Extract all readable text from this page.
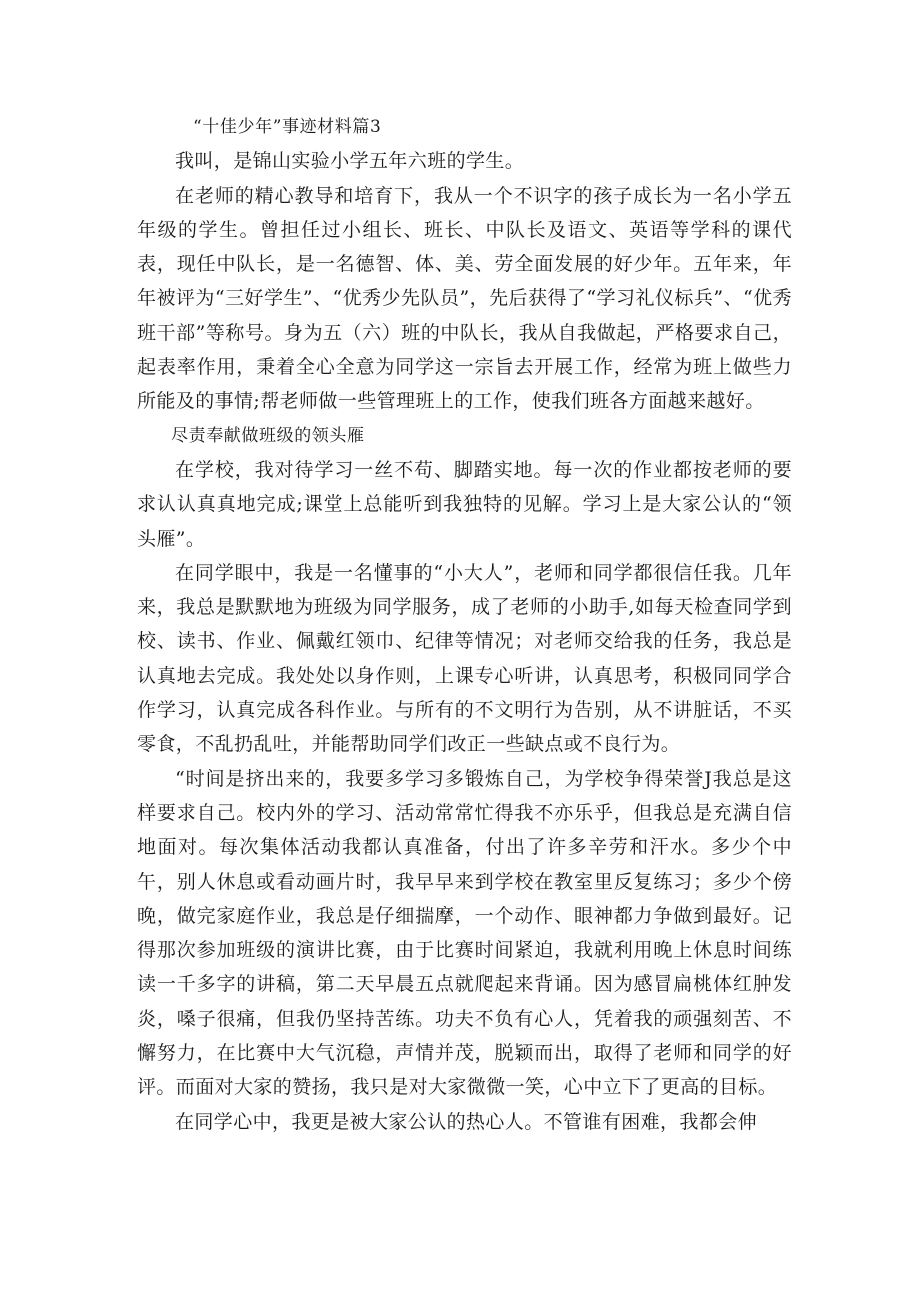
“十佳少年”事迹材料篇3

我叫，是锦山实验小学五年六班的学生。

在老师的精心教导和培育下，我从一个不识字的孩子成长为一名小学五年级的学生。曾担任过小组长、班长、中队长及语文、英语等学科的课代表，现任中队长，是一名德智、体、美、劳全面发展的好少年。五年来，年年被评为“三好学生”、“优秀少先队员”，先后获得了“学习礼仪标兵”、“优秀班干部”等称号。身为五（六）班的中队长，我从自我做起，严格要求自己，起表率作用，秉着全心全意为同学这一宗旨去开展工作，经常为班上做些力所能及的事情;帮老师做一些管理班上的工作，使我们班各方面越来越好。

尽责奉献做班级的领头雁

在学校，我对待学习一丝不苟、脚踏实地。每一次的作业都按老师的要求认认真真地完成;课堂上总能听到我独特的见解。学习上是大家公认的“领头雁”。

在同学眼中，我是一名懂事的“小大人”，老师和同学都很信任我。几年来，我总是默默地为班级为同学服务，成了老师的小助手,如每天检查同学到校、读书、作业、佩戴红领巾、纪律等情况；对老师交给我的任务，我总是认真地去完成。我处处以身作则，上课专心听讲，认真思考，积极同同学合作学习，认真完成各科作业。与所有的不文明行为告别，从不讲脏话，不买零食，不乱扔乱吐，并能帮助同学们改正一些缺点或不良行为。

“时间是挤出来的，我要多学习多锻炼自己，为学校争得荣誉J我总是这样要求自己。校内外的学习、活动常常忙得我不亦乐乎，但我总是充满自信地面对。每次集体活动我都认真准备，付出了许多辛劳和汗水。多少个中午，别人休息或看动画片时，我早早来到学校在教室里反复练习；多少个傍晚，做完家庭作业，我总是仔细揣摩，一个动作、眼神都力争做到最好。记得那次参加班级的演讲比赛，由于比赛时间紧迫，我就利用晚上休息时间练读一千多字的讲稿，第二天早晨五点就爬起来背诵。因为感冒扁桃体红肿发炎，嗓子很痛，但我仍坚持苦练。功夫不负有心人，凭着我的顽强刻苦、不懈努力，在比赛中大气沉稳，声情并茂，脱颖而出，取得了老师和同学的好评。而面对大家的赞扬，我只是对大家微微一笑，心中立下了更高的目标。

在同学心中，我更是被大家公认的热心人。不管谁有困难，我都会伸
